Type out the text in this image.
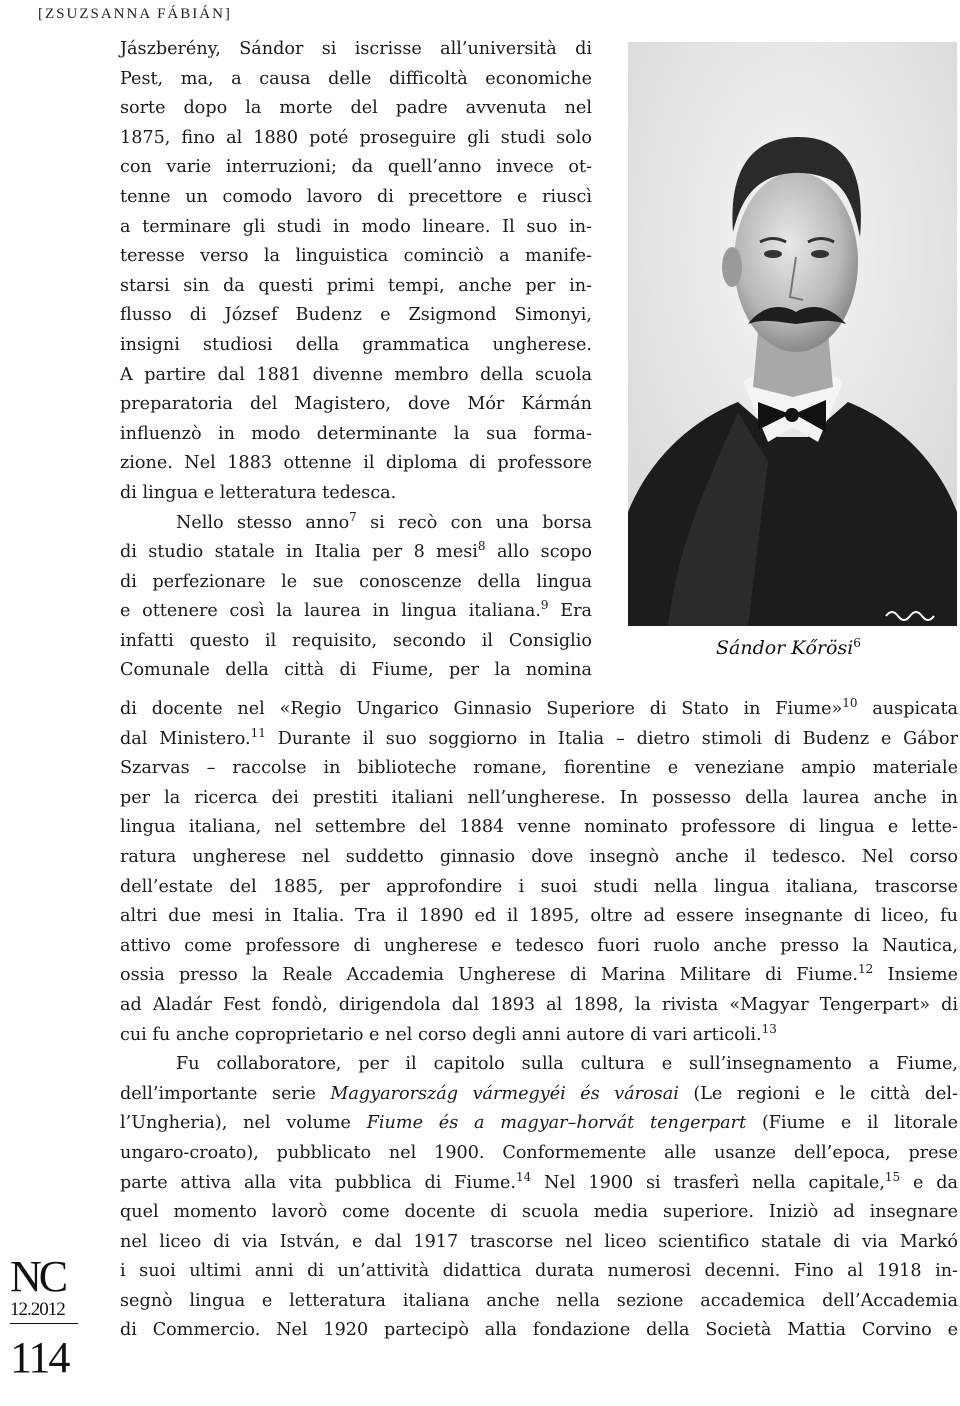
[ZSUZSANNA FÁBIÁN]
NC
12.2012
114
Sándor Kőrösi$^6$

Jászberény, Sándor si iscrisse all’università di
Pest, ma, a causa delle difficoltà economiche
sorte dopo la morte del padre avvenuta nel
1875, fino al 1880 poté proseguire gli studi solo
con varie interruzioni; da quell’anno invece ot-
tenne un comodo lavoro di precettore e riuscì
a terminare gli studi in modo lineare. Il suo in-
teresse verso la linguistica cominciò a manife-
starsi sin da questi primi tempi, anche per in-
flusso di József Budenz e Zsigmond Simonyi,
insigni studiosi della grammatica ungherese.
A partire dal 1881 divenne membro della scuola
preparatoria del Magistero, dove Mór Kármán
influenzò in modo determinante la sua forma-
zione. Nel 1883 ottenne il diploma di professore
di lingua e letteratura tedesca.

Nello stesso anno$^7$ si recò con una borsa
di studio statale in Italia per 8 mesi$^8$ allo scopo
di perfezionare le sue conoscenze della lingua
e ottenere così la laurea in lingua italiana.$^9$ Era
infatti questo il requisito, secondo il Consiglio
Comunale della città di Fiume, per la nomina

di docente nel «Regio Ungarico Ginnasio Superiore di Stato in Fiume»$^{10}$ auspicata
dal Ministero.$^{11}$ Durante il suo soggiorno in Italia – dietro stimoli di Budenz e Gábor
Szarvas – raccolse in biblioteche romane, fiorentine e veneziane ampio materiale
per la ricerca dei prestiti italiani nell’ungherese. In possesso della laurea anche in
lingua italiana, nel settembre del 1884 venne nominato professore di lingua e lette-
ratura ungherese nel suddetto ginnasio dove insegnò anche il tedesco. Nel corso
dell’estate del 1885, per approfondire i suoi studi nella lingua italiana, trascorse
altri due mesi in Italia. Tra il 1890 ed il 1895, oltre ad essere insegnante di liceo, fu
attivo come professore di ungherese e tedesco fuori ruolo anche presso la Nautica,
ossia presso la Reale Accademia Ungherese di Marina Militare di Fiume.$^{12}$ Insieme
ad Aladár Fest fondò, dirigendola dal 1893 al 1898, la rivista «Magyar Tengerpart» di
cui fu anche coproprietario e nel corso degli anni autore di vari articoli.$^{13}$

Fu collaboratore, per il capitolo sulla cultura e sull’insegnamento a Fiume,
dell’importante serie Magyarország vármegyéi és városai (Le regioni e le città del-
l’Ungheria), nel volume Fiume és a magyar–horvát tengerpart (Fiume e il litorale
ungaro-croato), pubblicato nel 1900. Conformemente alle usanze dell’epoca, prese
parte attiva alla vita pubblica di Fiume.$^{14}$ Nel 1900 si trasferì nella capitale,$^{15}$ e da
quel momento lavorò come docente di scuola media superiore. Iniziò ad insegnare
nel liceo di via István, e dal 1917 trascorse nel liceo scientifico statale di via Markó
i suoi ultimi anni di un’attività didattica durata numerosi decenni. Fino al 1918 in-
segnò lingua e letteratura italiana anche nella sezione accademica dell’Accademia
di Commercio. Nel 1920 partecipò alla fondazione della Società Mattia Corvino e
